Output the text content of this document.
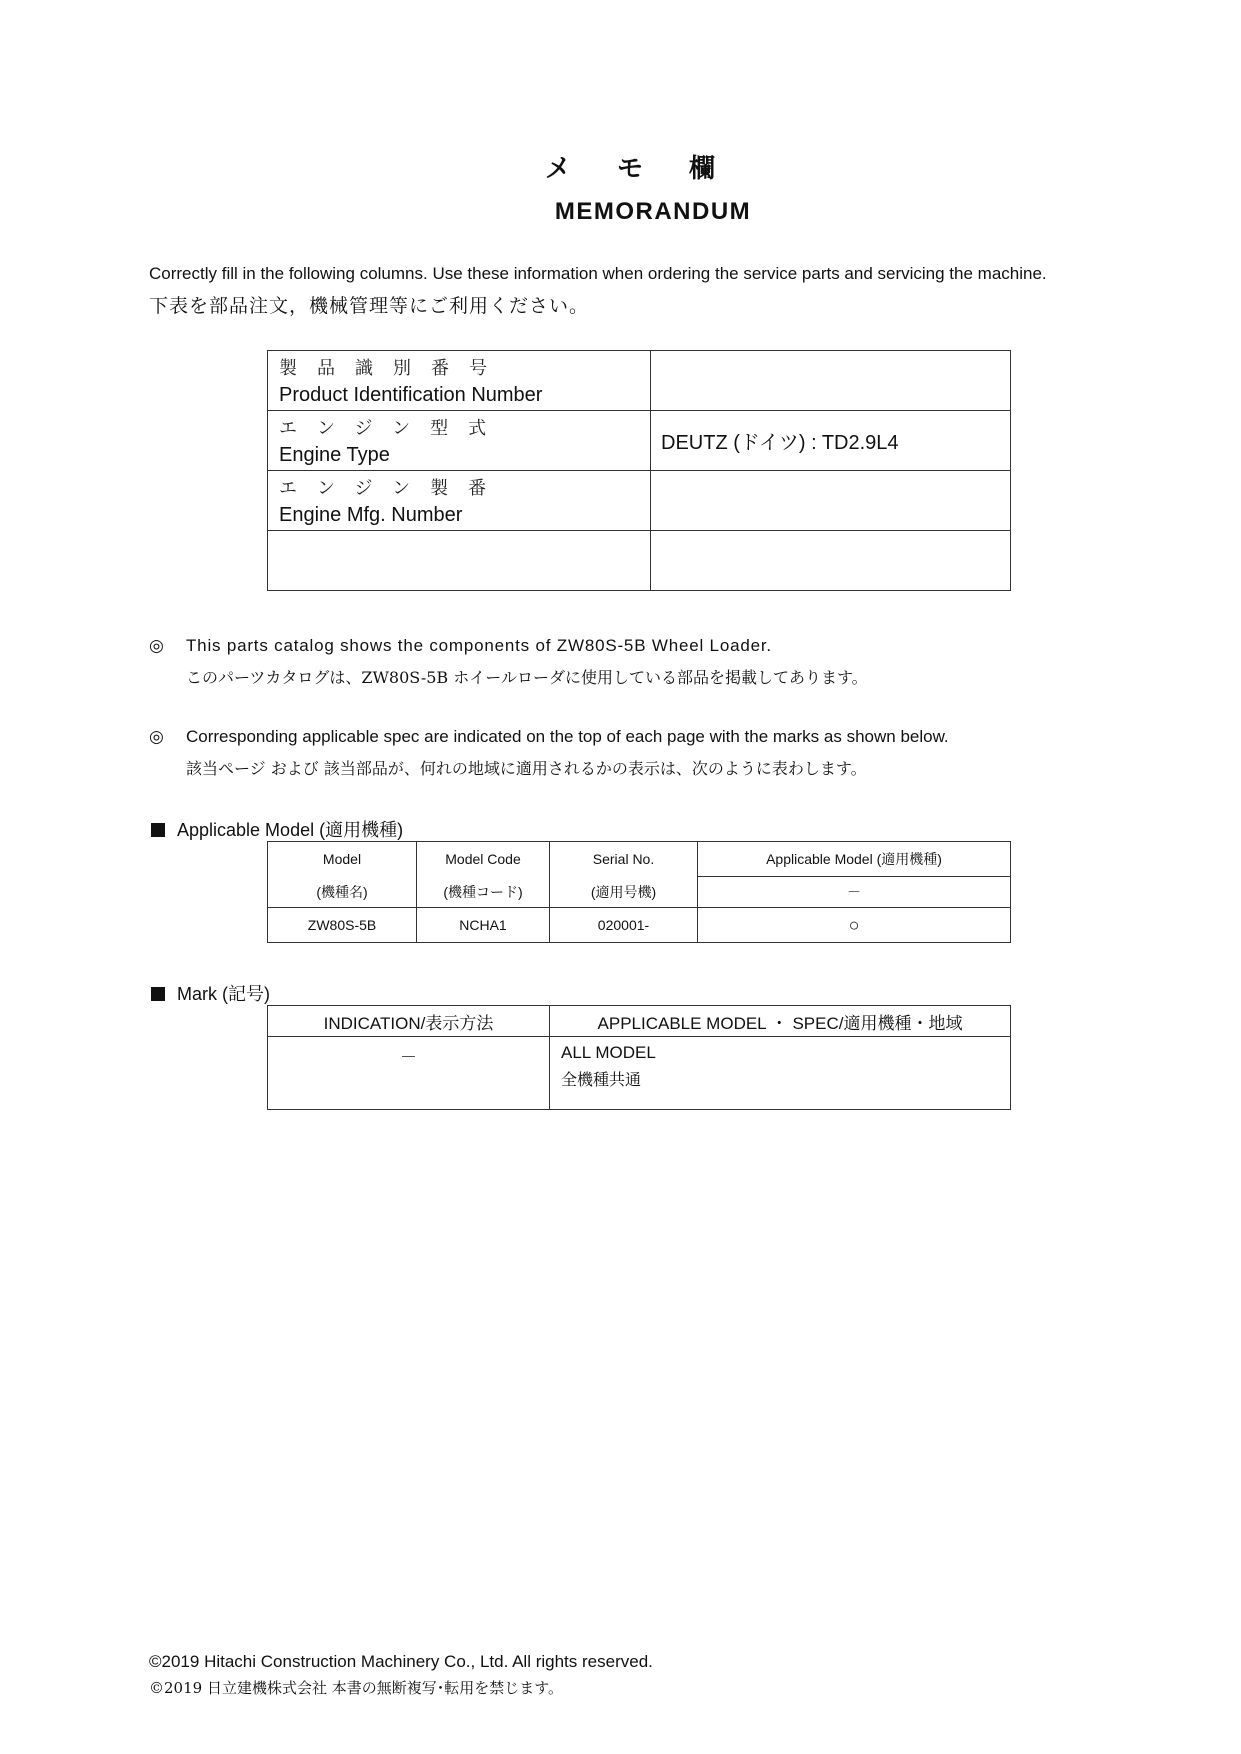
メモ欄
MEMORANDUM
Correctly fill in the following columns. Use these information when ordering the service parts and servicing the machine.
下表を部品注文，機械管理等にご利用ください。
製品識別番号
Product Identification Number	

エンジン型式
Engine Type	DEUTZ (ドイツ) : TD2.9L4

エンジン製番
Engine Mfg. Number	

◎ This parts catalog shows the components of ZW80S-5B Wheel Loader.
このパーツカタログは、ZW80S-5B ホイールローダに使用している部品を掲載してあります。
◎ Corresponding applicable spec are indicated on the top of each page with the marks as shown below.
該当ページ および 該当部品が、何れの地域に適用されるかの表示は、次のように表わします。
Applicable Model (適用機種)
Model	Model Code	Serial No.	Applicable Model (適用機種)
(機種名)	(機種コード)	(適用号機)	－
ZW80S-5B	NCHA1	020001-	○
Mark (記号)
INDICATION/表示方法	APPLICABLE MODEL ・ SPEC/適用機種・地域
－	ALL MODEL
全機種共通
©2019 Hitachi Construction Machinery Co., Ltd. All rights reserved.
©2019 日立建機株式会社 本書の無断複写･転用を禁じます。
